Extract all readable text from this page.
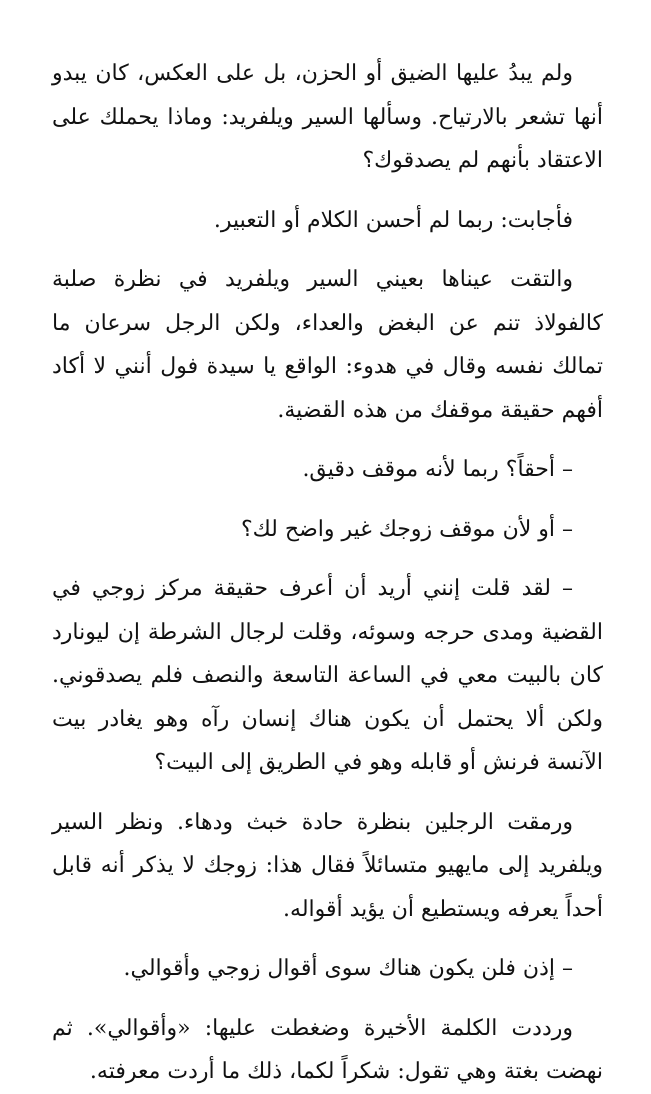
ولم يبدُ عليها الضيق أو الحزن، بل على العكس، كان يبدو أنها تشعر بالارتياح. وسألها السير ويلفريد: وماذا يحملك على الاعتقاد بأنهم لم يصدقوك؟

فأجابت: ربما لم أحسن الكلام أو التعبير.

والتقت عيناها بعيني السير ويلفريد في نظرة صلبة كالفولاذ تنم عن البغض والعداء، ولكن الرجل سرعان ما تمالك نفسه وقال في هدوء: الواقع يا سيدة فول أنني لا أكاد أفهم حقيقة موقفك من هذه القضية.

– أحقاً؟ ربما لأنه موقف دقيق.

– أو لأن موقف زوجك غير واضح لك؟

– لقد قلت إنني أريد أن أعرف حقيقة مركز زوجي في القضية ومدى حرجه وسوئه، وقلت لرجال الشرطة إن ليونارد كان بالبيت معي في الساعة التاسعة والنصف فلم يصدقوني. ولكن ألا يحتمل أن يكون هناك إنسان رآه وهو يغادر بيت الآنسة فرنش أو قابله وهو في الطريق إلى البيت؟

ورمقت الرجلين بنظرة حادة خبث ودهاء. ونظر السير ويلفريد إلى مايهيو متسائلاً فقال هذا: زوجك لا يذكر أنه قابل أحداً يعرفه ويستطيع أن يؤيد أقواله.

– إذن فلن يكون هناك سوى أقوال زوجي وأقوالي.

ورددت الكلمة الأخيرة وضغطت عليها: «وأقوالي». ثم نهضت بغتة وهي تقول: شكراً لكما، ذلك ما أردت معرفته.
